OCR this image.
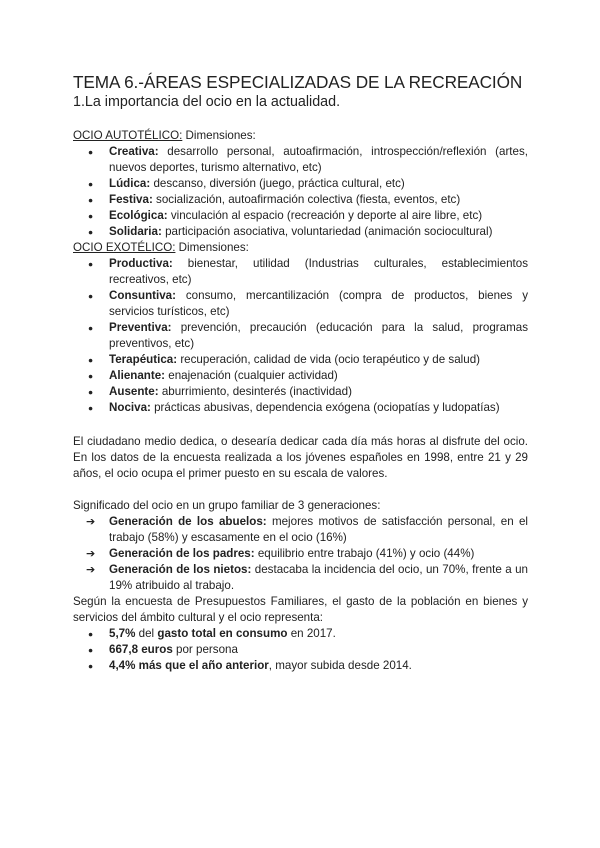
TEMA 6.-ÁREAS ESPECIALIZADAS DE LA RECREACIÓN
1.La importancia del ocio en la actualidad.
OCIO AUTOTÉLICO: Dimensiones:
●	Creativa: desarrollo personal, autoafirmación, introspección/reflexión (artes, nuevos deportes, turismo alternativo, etc)
●	Lúdica: descanso, diversión (juego, práctica cultural, etc)
●	Festiva: socialización, autoafirmación colectiva (fiesta, eventos, etc)
●	Ecológica: vinculación al espacio (recreación y deporte al aire libre, etc)
●	Solidaria: participación asociativa, voluntariedad (animación sociocultural)
OCIO EXOTÉLICO: Dimensiones:
●	Productiva: bienestar, utilidad (Industrias culturales, establecimientos recreativos, etc)
●	Consuntiva: consumo, mercantilización (compra de productos, bienes y servicios turísticos, etc)
●	Preventiva: prevención, precaución (educación para la salud, programas preventivos, etc)
●	Terapéutica: recuperación, calidad de vida (ocio terapéutico y de salud)
●	Alienante: enajenación (cualquier actividad)
●	Ausente: aburrimiento, desinterés (inactividad)
●	Nociva: prácticas abusivas, dependencia exógena (ociopatías y ludopatías)

El ciudadano medio dedica, o desearía dedicar cada día más horas al disfrute del ocio. En los datos de la encuesta realizada a los jóvenes españoles en 1998, entre 21 y 29 años, el ocio ocupa el primer puesto en su escala de valores.

Significado del ocio en un grupo familiar de 3 generaciones:

➔	Generación de los abuelos: mejores motivos de satisfacción personal, en el trabajo (58%) y escasamente en el ocio (16%)
➔	Generación de los padres: equilibrio entre trabajo (41%) y ocio (44%)
➔	Generación de los nietos: destacaba la incidencia del ocio, un 70%, frente a un 19% atribuido al trabajo.

Según la encuesta de Presupuestos Familiares, el gasto de la población en bienes y servicios del ámbito cultural y el ocio representa:

●	5,7% del gasto total en consumo en 2017.
●	667,8 euros por persona
●	4,4% más que el año anterior, mayor subida desde 2014.
